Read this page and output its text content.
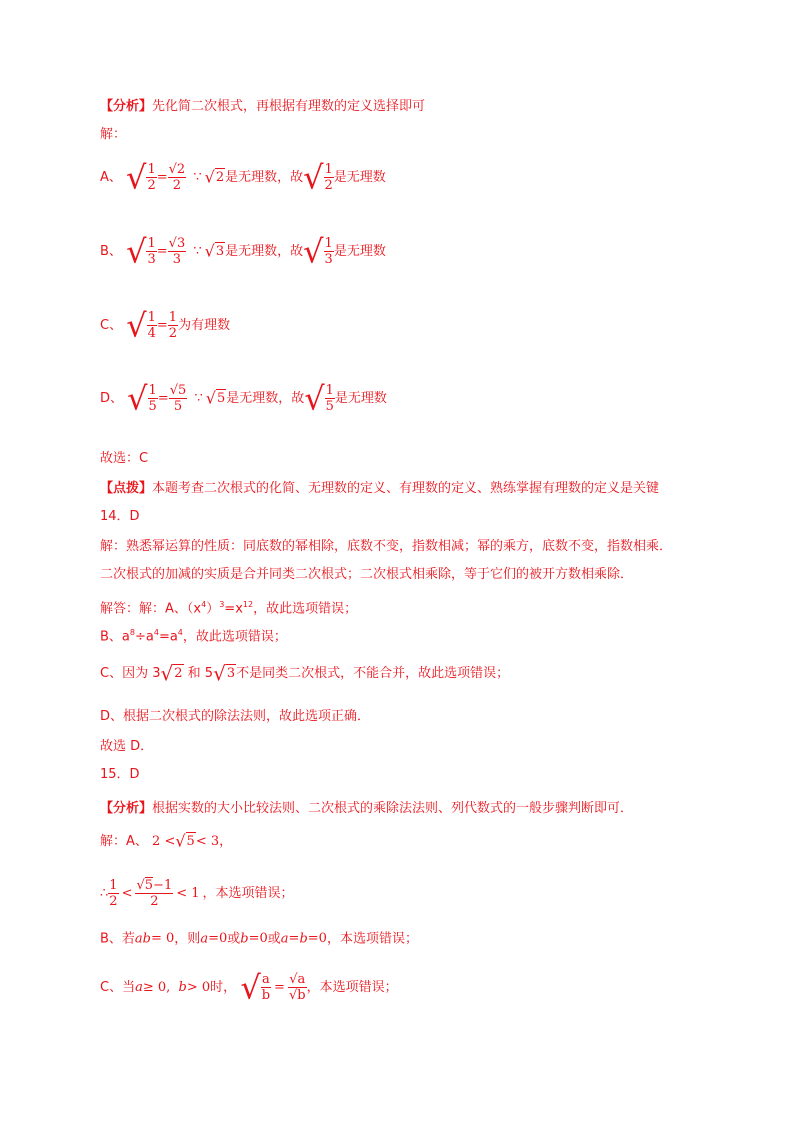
【分析】先化简二次根式，再根据有理数的定义选择即可
解：
A、 √ $\frac{1}{2} = \frac{√2}{2}$ ∵ √2是无理数，故√ $\frac{1}{2}$ 是无理数
B、 √ $\frac{1}{3} = \frac{√3}{3}$ ∵ √3是无理数，故√ $\frac{1}{3}$ 是无理数
C、 √ $\frac{1}{4} = \frac{1}{2}$ 为有理数
D、 √ $\frac{1}{5} = \frac{√5}{5}$ ∵ √5是无理数，故√ $\frac{1}{5}$ 是无理数
故选：C
【点拨】本题考查二次根式的化简、无理数的定义、有理数的定义、熟练掌握有理数的定义是关键
14．D
解：熟悉幂运算的性质：同底数的幂相除，底数不变，指数相减；幂的乘方，底数不变，指数相乘．
二次根式的加减的实质是合并同类二次根式；二次根式相乘除，等于它们的被开方数相乘除．
解答：解：A、$(x^4)^3=x^{12}$，故此选项错误；
B、$a^8\div a^4=a^4$，故此选项错误；
C、因为 3√2 和 5√3不是同类二次根式，不能合并，故此选项错误；
D、根据二次根式的除法法则，故此选项正确．
故选 D．
15．D
【分析】根据实数的大小比较法则、二次根式的乘除法法则、列代数式的一般步骤判断即可．
解：A、 2 <√5< 3，
∴ $\frac{1}{2} < \frac{√5-1}{2} < 1$ ，本选项错误；
B、若ab= 0，则a=0或b=0或a=b=0，本选项错误；
C、当a≥ 0, b> 0时， √ $\frac{a}{b} = \frac{√a}{√b}$ ，本选项错误；
